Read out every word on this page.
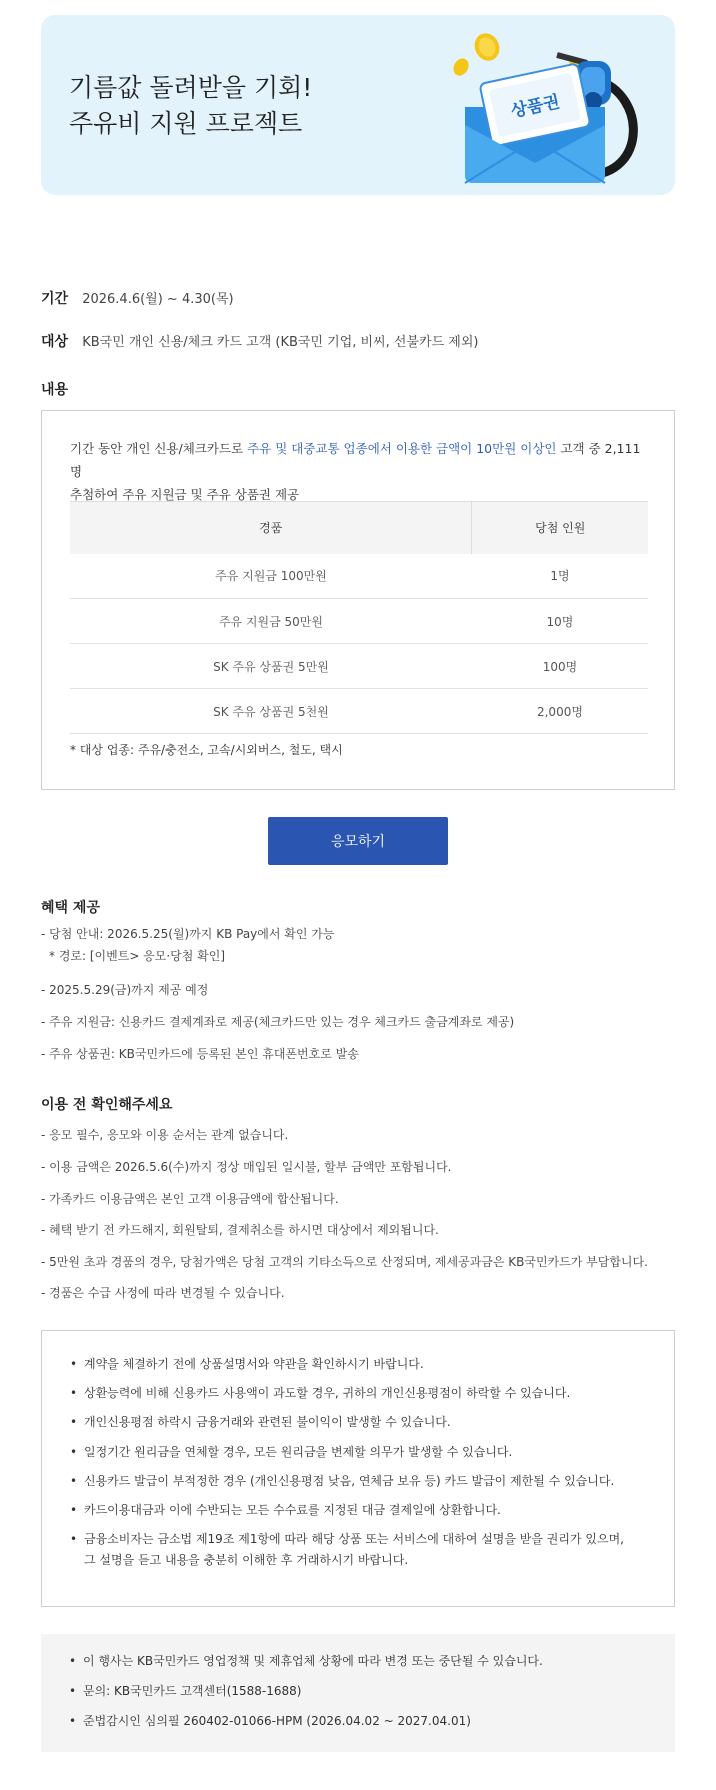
기름값 돌려받을 기회!
주유비 지원 프로젝트
상품권
기간 2026.4.6(월) ~ 4.30(목)
대상 KB국민 개인 신용/체크 카드 고객 (KB국민 기업, 비씨, 선불카드 제외)
내용
기간 동안 개인 신용/체크카드로 주유 및 대중교통 업종에서 이용한 금액이 10만원 이상인 고객 중 2,111명
추첨하여 주유 지원금 및 주유 상품권 제공
경품	당첨 인원
주유 지원금 100만원	1명
주유 지원금 50만원	10명
SK 주유 상품권 5만원	100명
SK 주유 상품권 5천원	2,000명
* 대상 업종: 주유/충전소, 고속/시외버스, 철도, 택시
응모하기
혜택 제공
- 당첨 안내: 2026.5.25(월)까지 KB Pay에서 확인 가능
* 경로: [이벤트> 응모·당첨 확인]
- 2025.5.29(금)까지 제공 예정
- 주유 지원금: 신용카드 결제계좌로 제공(체크카드만 있는 경우 체크카드 출금계좌로 제공)
- 주유 상품권: KB국민카드에 등록된 본인 휴대폰번호로 발송
이용 전 확인해주세요
- 응모 필수, 응모와 이용 순서는 관계 없습니다.
- 이용 금액은 2026.5.6(수)까지 정상 매입된 일시불, 할부 금액만 포함됩니다.
- 가족카드 이용금액은 본인 고객 이용금액에 합산됩니다.
- 혜택 받기 전 카드해지, 회원탈퇴, 결제취소를 하시면 대상에서 제외됩니다.
- 5만원 초과 경품의 경우, 당첨가액은 당첨 고객의 기타소득으로 산정되며, 제세공과금은 KB국민카드가 부담합니다.
- 경품은 수급 사정에 따라 변경될 수 있습니다.
• 계약을 체결하기 전에 상품설명서와 약관을 확인하시기 바랍니다.
• 상환능력에 비해 신용카드 사용액이 과도할 경우, 귀하의 개인신용평점이 하락할 수 있습니다.
• 개인신용평점 하락시 금융거래와 관련된 불이익이 발생할 수 있습니다.
• 일정기간 원리금을 연체할 경우, 모든 원리금을 변제할 의무가 발생할 수 있습니다.
• 신용카드 발급이 부적정한 경우 (개인신용평점 낮음, 연체금 보유 등) 카드 발급이 제한될 수 있습니다.
• 카드이용대금과 이에 수반되는 모든 수수료를 지정된 대금 결제일에 상환합니다.
• 금융소비자는 금소법 제19조 제1항에 따라 해당 상품 또는 서비스에 대하여 설명을 받을 권리가 있으며,
그 설명을 듣고 내용을 충분히 이해한 후 거래하시기 바랍니다.
• 이 행사는 KB국민카드 영업정책 및 제휴업체 상황에 따라 변경 또는 중단될 수 있습니다.
• 문의: KB국민카드 고객센터(1588-1688)
• 준법감시인 심의필 260402-01066-HPM (2026.04.02 ~ 2027.04.01)
